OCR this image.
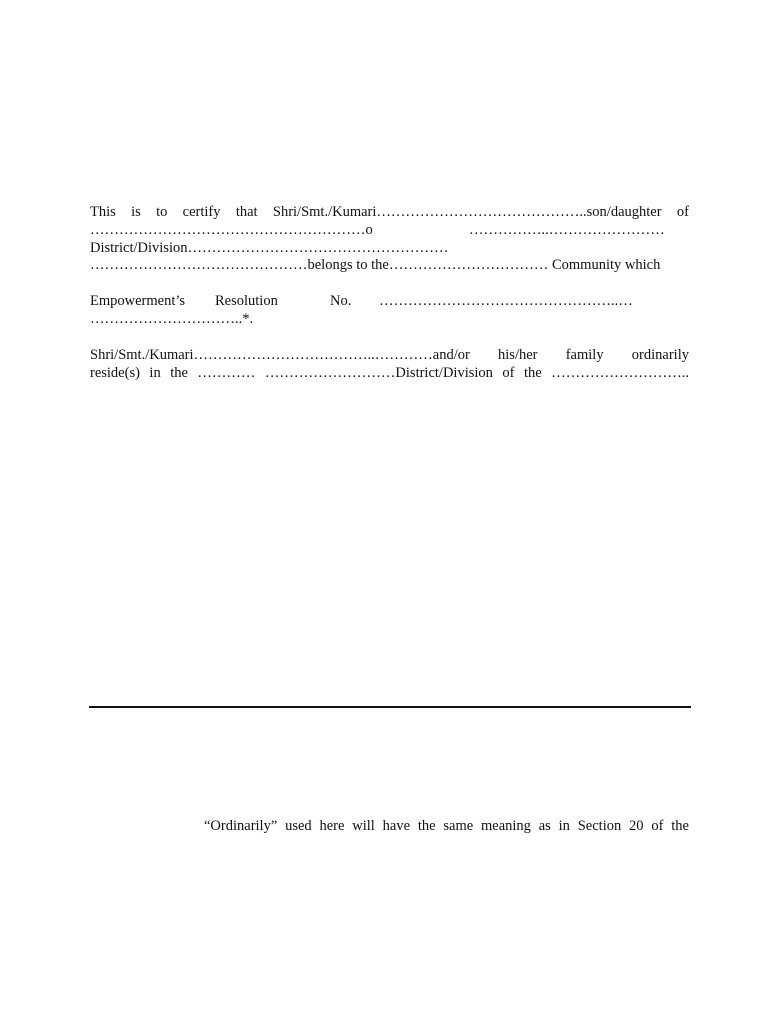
This is to certify that Shri/Smt./Kumari……………………………………..son/daughter of
…………………………………………………o	……………..……………………
District/Division………………………………………………
………………………………………belongs to the…………………………… Community which
Empowerment’s Resolution	No. …………………………………………..…
…………………………..*.
Shri/Smt./Kumari………………………………..…………and/or his/her family ordinarily
reside(s) in the ………… ………………………District/Division of the ………………………..
“Ordinarily” used here will have the same meaning as in Section 20 of the
